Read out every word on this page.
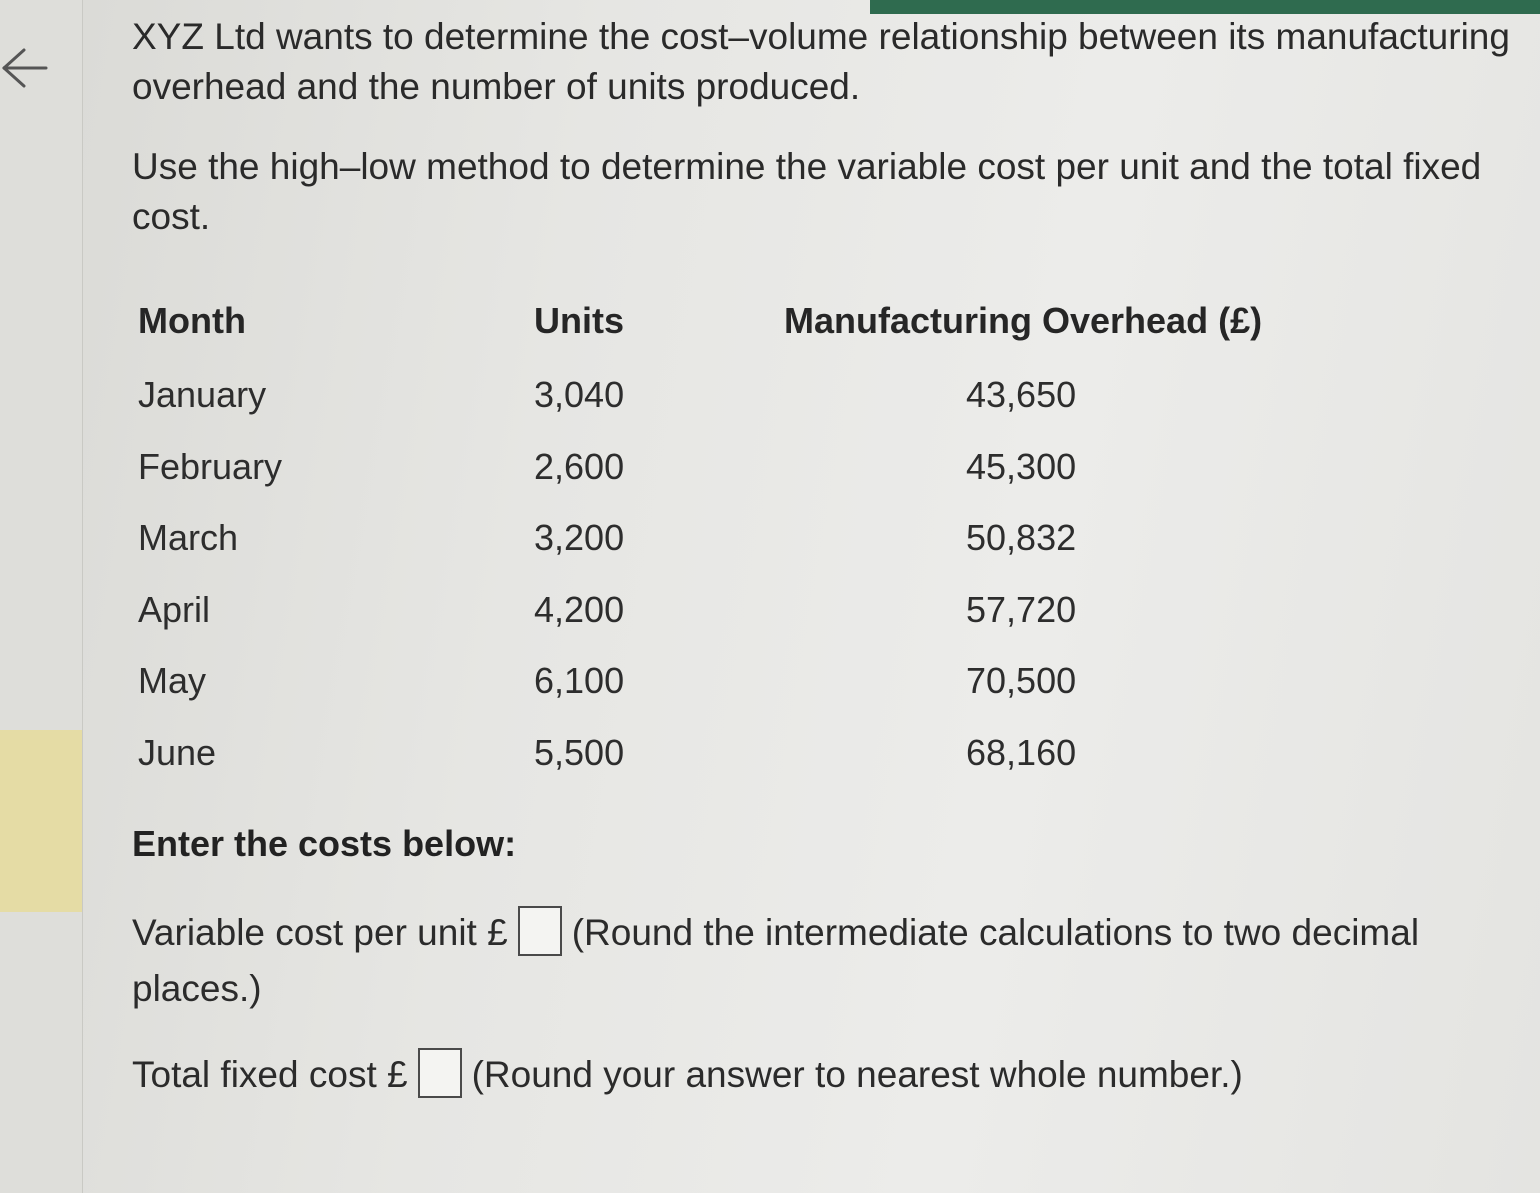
XYZ Ltd wants to determine the cost–volume relationship between its manufacturing overhead and the number of units produced.

Use the high–low method to determine the variable cost per unit and the total fixed cost.

Month	Units	Manufacturing Overhead (£)
January	3,040	43,650
February	2,600	45,300
March	3,200	50,832
April	4,200	57,720
May	6,100	70,500
June	5,500	68,160

Enter the costs below:

Variable cost per unit £ (Round the intermediate calculations to two decimal places.)

Total fixed cost £ (Round your answer to nearest whole number.)
